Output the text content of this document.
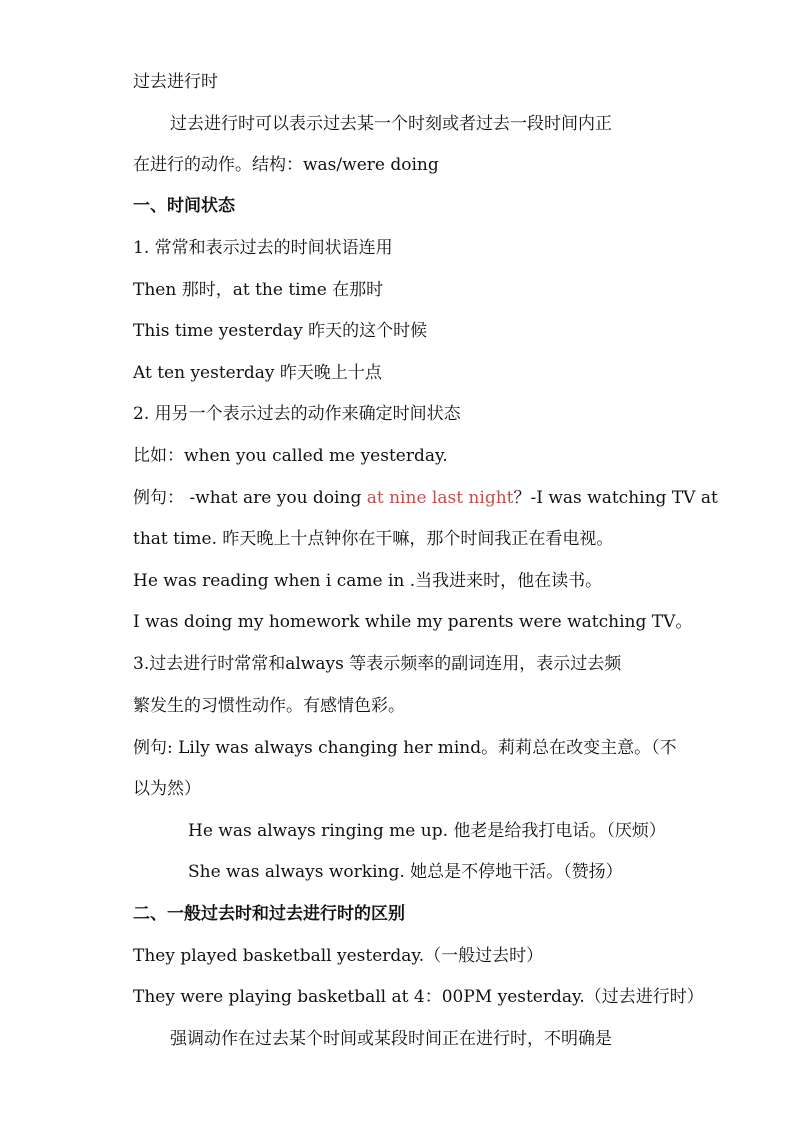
过去进行时
过去进行时可以表示过去某一个时刻或者过去一段时间内正
在进行的动作。结构：was/were doing
一、时间状态
1. 常常和表示过去的时间状语连用
Then 那时，at the time 在那时
This time yesterday 昨天的这个时候
At ten yesterday 昨天晚上十点
2. 用另一个表示过去的动作来确定时间状态
比如：when you called me yesterday.
例句： -what are you doing at nine last night？-I was watching TV at
that time. 昨天晚上十点钟你在干嘛，那个时间我正在看电视。
He was reading when i came in .当我进来时，他在读书。
I was doing my homework while my parents were watching TV。
3.过去进行时常常和always 等表示频率的副词连用，表示过去频
繁发生的习惯性动作。有感情色彩。
例句: Lily was always changing her mind。莉莉总在改变主意。（不
以为然）
He was always ringing me up. 他老是给我打电话。（厌烦）
She was always working. 她总是不停地干活。（赞扬）
二、一般过去时和过去进行时的区别
They played basketball yesterday.（一般过去时）
They were playing basketball at 4：00PM yesterday.（过去进行时）
强调动作在过去某个时间或某段时间正在进行时，不明确是
